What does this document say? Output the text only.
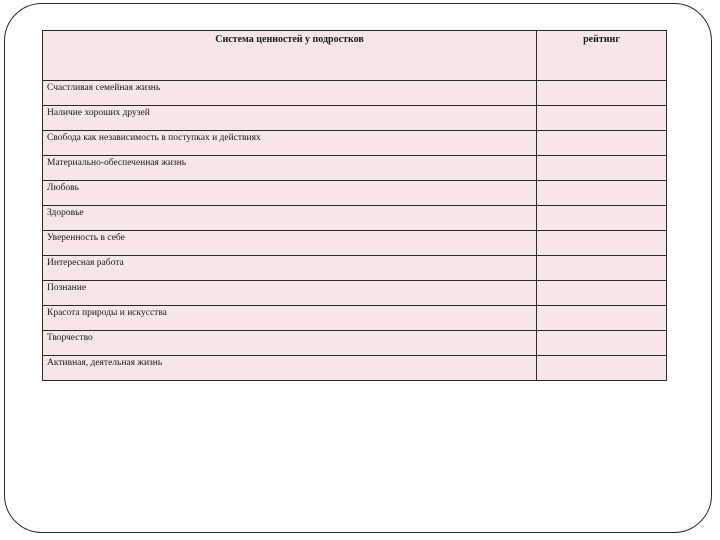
Система ценностей у подростков	рейтинг
Счастливая семейная жизнь	
Наличие хороших друзей	
Свобода как независимость в поступках и действиях	
Материально-обеспеченная жизнь	
Любовь	
Здоровье	
Уверенность в себе	
Интересная работа	
Познание	
Красота природы и искусства	
Творчество	
Активная, деятельная жизнь	
